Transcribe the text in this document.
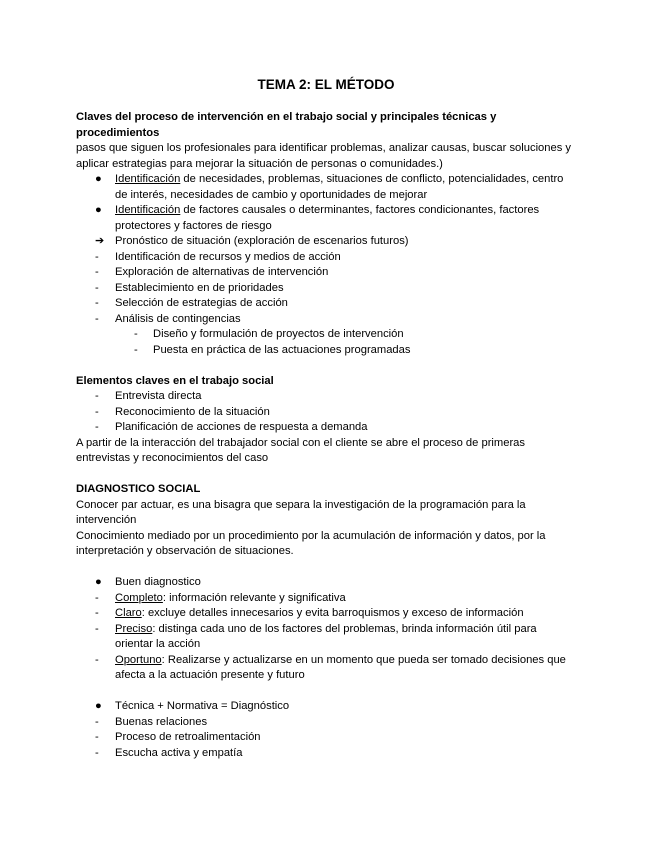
TEMA 2: EL MÉTODO
Claves del proceso de intervención en el trabajo social y principales técnicas y procedimientos

pasos que siguen los profesionales para identificar problemas, analizar causas, buscar soluciones y aplicar estrategias para mejorar la situación de personas o comunidades.)

●	Identificación de necesidades, problemas, situaciones de conflicto, potencialidades, centro de interés, necesidades de cambio y oportunidades de mejorar
●	Identificación de factores causales o determinantes, factores condicionantes, factores protectores y factores de riesgo
➔ Pronóstico de situación (exploración de escenarios futuros)
-	Identificación de recursos y medios de acción
-	Exploración de alternativas de intervención
-	Establecimiento en de prioridades
-	Selección de estrategias de acción
-	Análisis de contingencias
-	Diseño y formulación de proyectos de intervención
-	Puesta en práctica de las actuaciones programadas
Elementos claves en el trabajo social
-	Entrevista directa
-	Reconocimiento de la situación
-	Planificación de acciones de respuesta a demanda

A partir de la interacción del trabajador social con el cliente se abre el proceso de primeras entrevistas y reconocimientos del caso

DIAGNOSTICO SOCIAL

Conocer par actuar, es una bisagra que separa la investigación de la programación para la intervención

Conocimiento mediado por un procedimiento por la acumulación de información y datos, por la interpretación y observación de situaciones.

●	Buen diagnostico
-	Completo: información relevante y significativa
-	Claro: excluye detalles innecesarios y evita barroquismos y exceso de información
-	Preciso: distinga cada uno de los factores del problemas, brinda información útil para orientar la acción
-	Oportuno: Realizarse y actualizarse en un momento que pueda ser tomado decisiones que afecta a la actuación presente y futuro
●	Técnica + Normativa = Diagnóstico
-	Buenas relaciones
-	Proceso de retroalimentación
-	Escucha activa y empatía
